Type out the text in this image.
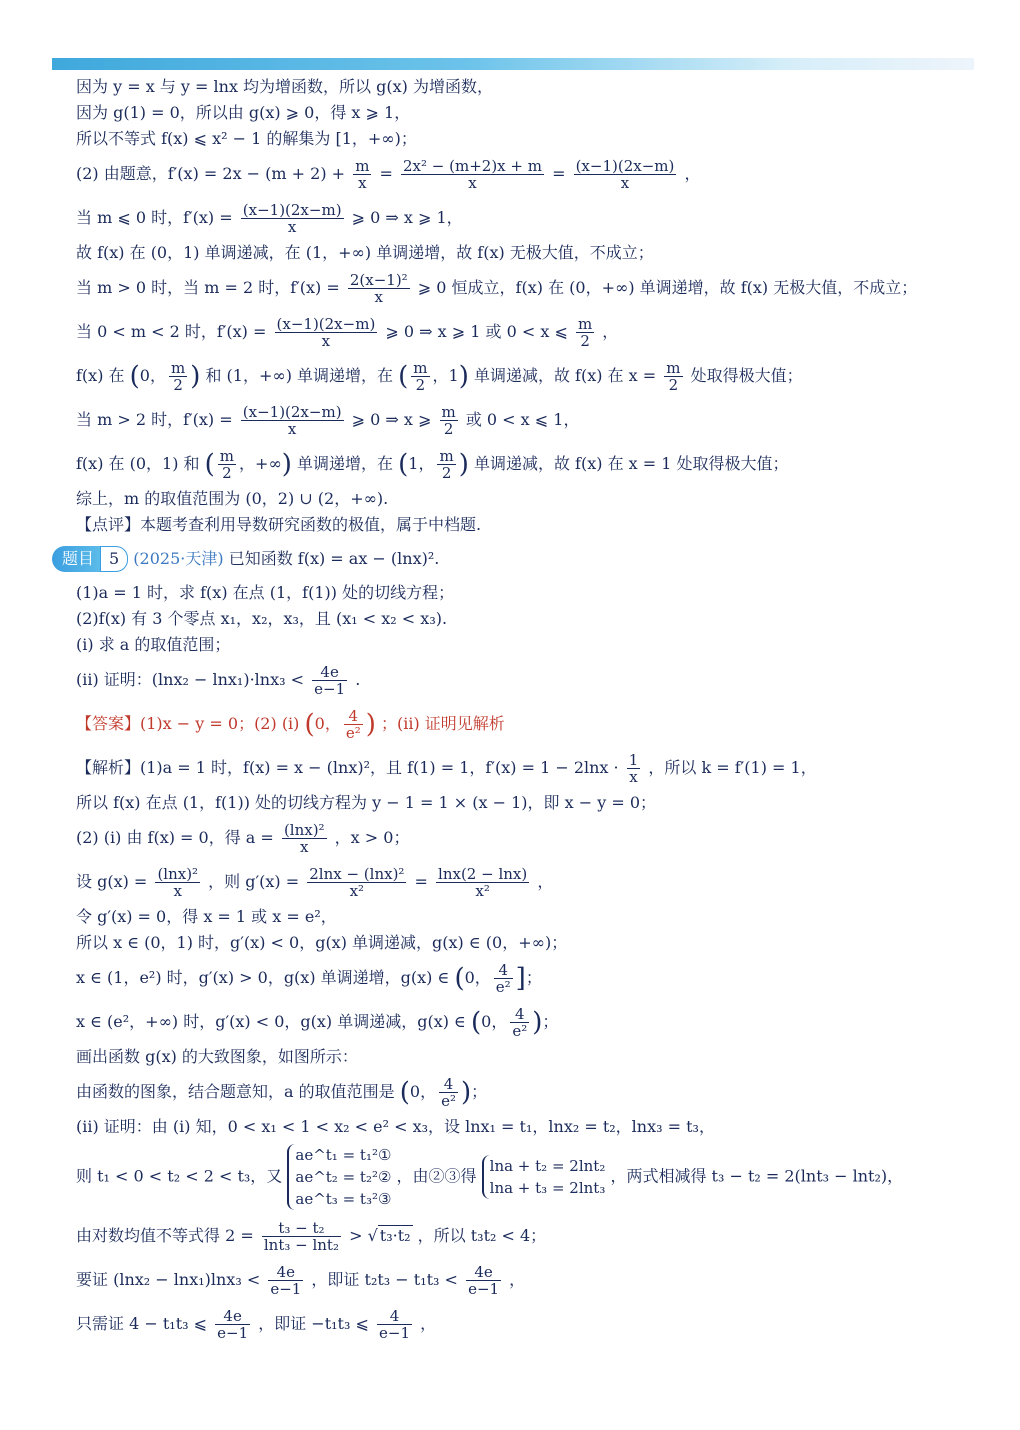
因为 y = x 与 y = lnx 均为增函数，所以 g(x) 为增函数，
因为 g(1) = 0，所以由 g(x) ⩾ 0，得 x ⩾ 1，
所以不等式 f(x) ⩽ x² − 1 的解集为 [1，+∞)；
(2) 由题意，$f'(x) = 2x - (m + 2) + \frac{m}{x} = \frac{\text{2x² − (m+2)x + m}}{x} = \frac{(x-1)(2x-m)}{x}$ ，
当 m ⩽ 0 时，$f'(x) = \frac{(x-1)(2x-m)}{x}$ ⩾ 0 ⇒ x ⩾ 1，
故 f(x) 在 (0，1) 单调递减，在 (1，+∞) 单调递增，故 f(x) 无极大值，不成立；
当 m > 0 时，当 m = 2 时，$f'(x) = \frac{\text{2(x−1)²}}{x}$ ⩾ 0 恒成立，f(x) 在 (0，+∞) 单调递增，故 f(x) 无极大值，不成立；
当 0 < m < 2 时，$f'(x) = \frac{(x-1)(2x-m)}{x}$ ⩾ 0 ⇒ x ⩾ 1 或 0 < x ⩽ $\frac{m}{2}$ ，
f(x) 在 (0， $\frac{m}{2}$ ) 和 (1，+∞) 单调递增，在 ( $\frac{m}{2}$ ，1) 单调递减，故 f(x) 在 $x = \frac{m}{2}$ 处取得极大值；
当 m > 2 时，$f'(x) = \frac{(x-1)(2x-m)}{x}$ ⩾ 0 ⇒ x ⩾ $\frac{m}{2}$ 或 0 < x ⩽ 1，
f(x) 在 (0，1) 和 ( $\frac{m}{2}$ ，+∞) 单调递增，在 (1， $\frac{m}{2}$ ) 单调递减，故 f(x) 在 x = 1 处取得极大值；
综上，m 的取值范围为 (0，2) ∪ (2，+∞).
【点评】本题考查利用导数研究函数的极值，属于中档题.
题目 5 (2025·天津) 已知函数 f(x) = ax − (lnx)².
(1)a = 1 时，求 f(x) 在点 (1，f(1)) 处的切线方程；
(2)f(x) 有 3 个零点 x₁，x₂，x₃，且 (x₁ < x₂ < x₃).
(i) 求 a 的取值范围；
(ii) 证明：$(\ln x_2 - \ln x_1)\cdot\ln x_3 < \frac{4e}{e-1}$ .
【答案】(1)x − y = 0；(2) (i) (0， $\frac{4}{\text{e²}}$ ) ；(ii) 证明见解析
【解析】(1)a = 1 时，f(x) = x − (lnx)²，且 f(1) = 1，$f'(x) = 1 - 2\ln x \cdot \frac{1}{x}$ ，所以 k = f′(1) = 1，
所以 f(x) 在点 (1，f(1)) 处的切线方程为 y − 1 = 1 × (x − 1)，即 x − y = 0；
(2) (i) 由 f(x) = 0，得 $a = \frac{\text{(lnx)²}}{x}$ ，x > 0；
设 $g(x) = \frac{\text{(lnx)²}}{x}$ ，则 $g'(x) = \frac{\text{2lnx − (lnx)²}}{\text{x²}} = \frac{\ln x(2 - \ln x)}{\text{x²}}$ ，
令 g′(x) = 0，得 x = 1 或 x = e²，
所以 x ∈ (0，1) 时，g′(x) < 0，g(x) 单调递减，g(x) ∈ (0，+∞)；
x ∈ (1，e²) 时，g′(x) > 0，g(x) 单调递增，g(x) ∈ (0， $\frac{4}{\text{e²}}$ ]；
x ∈ (e²，+∞) 时，g′(x) < 0，g(x) 单调递减，g(x) ∈ (0， $\frac{4}{\text{e²}}$ )；
画出函数 g(x) 的大致图象，如图所示：
由函数的图象，结合题意知，a 的取值范围是 (0， $\frac{4}{\text{e²}}$ )；
(ii) 证明：由 (i) 知，0 < x₁ < 1 < x₂ < e² < x₃，设 lnx₁ = t₁，lnx₂ = t₂，lnx₃ = t₃，
则 t₁ < 0 < t₂ < 2 < t₃，又
ae^t₁ = t₁²①
ae^t₂ = t₂²②
ae^t₃ = t₃²③
，由②③得
lna + t₂ = 2lnt₂
lna + t₃ = 2lnt₃
，两式相减得 t₃ − t₂ = 2(lnt₃ − lnt₂)，
由对数均值不等式得 $2 = \frac{\text{t₃ − t₂}}{\text{lnt₃ − lnt₂}}$ > √ t₃·t₂ ，所以 t₃t₂ < 4；
要证 $(\ln x_2 - \ln x_1)\ln x_3 < \frac{4e}{e-1}$ ，即证 $t_2t_3 - t_1t_3 < \frac{4e}{e-1}$ ，
只需证 4 − t₁t₃ ⩽ $\frac{4e}{e-1}$ ，即证 −t₁t₃ ⩽ $\frac{4}{e-1}$ ，
